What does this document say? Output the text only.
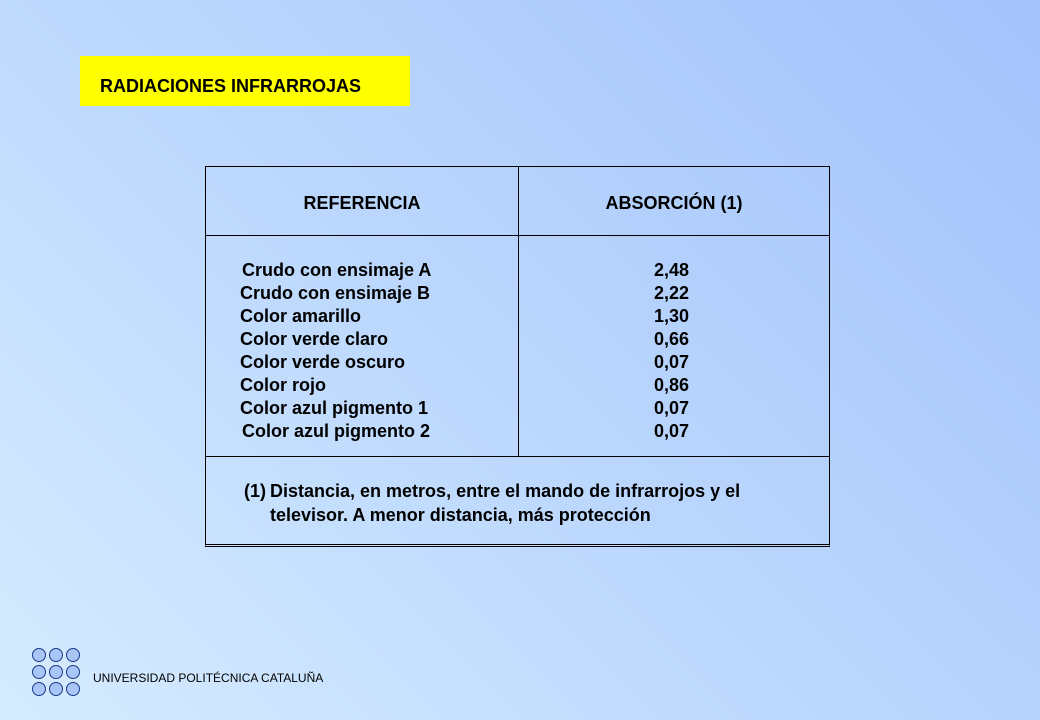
RADIACIONES INFRARROJAS
REFERENCIA	ABSORCIÓN (1)
Crudo con ensimaje A
Crudo con ensimaje B
Color amarillo
Color verde claro
Color verde oscuro
Color rojo
Color azul pigmento 1
Color azul pigmento 2
2,48
2,22
1,30
0,66
0,07
0,86
0,07
0,07
(1) Distancia, en metros, entre el mando de infrarrojos y el televisor. A menor distancia, más protección
UNIVERSIDAD POLITÉCNICA CATALUÑA
